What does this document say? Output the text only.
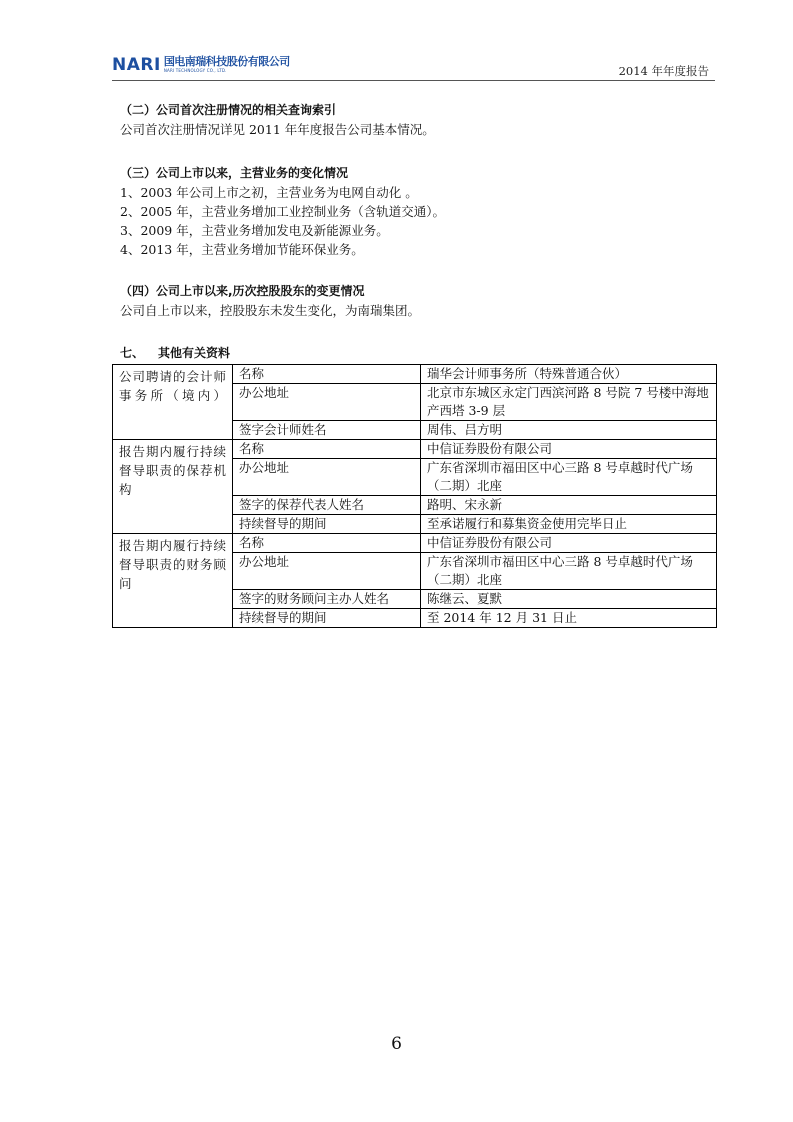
NARI 国电南瑞科技股份有限公司
NARI TECHNOLOGY CO., LTD.	2014 年年度报告
（二）公司首次注册情况的相关查询索引
公司首次注册情况详见 2011 年年度报告公司基本情况。
（三）公司上市以来，主营业务的变化情况
1、2003 年公司上市之初，主营业务为电网自动化 。
2、2005 年，主营业务增加工业控制业务（含轨道交通）。
3、2009 年，主营业务增加发电及新能源业务。
4、2013 年，主营业务增加节能环保业务。
（四）公司上市以来,历次控股股东的变更情况
公司自上市以来，控股股东未发生变化，为南瑞集团。
七、 其他有关资料
公司聘请的会计师事务所（境内）	名称	瑞华会计师事务所（特殊普通合伙）
	办公地址	北京市东城区永定门西滨河路 8 号院 7 号楼中海地产西塔 3-9 层
	签字会计师姓名	周伟、吕方明
报告期内履行持续督导职责的保荐机构	名称	中信证券股份有限公司
	办公地址	广东省深圳市福田区中心三路 8 号卓越时代广场（二期）北座
	签字的保荐代表人姓名	路明、宋永新
	持续督导的期间	至承诺履行和募集资金使用完毕日止
报告期内履行持续督导职责的财务顾问	名称	中信证券股份有限公司
	办公地址	广东省深圳市福田区中心三路 8 号卓越时代广场（二期）北座
	签字的财务顾问主办人姓名	陈继云、夏默
	持续督导的期间	至 2014 年 12 月 31 日止
6
